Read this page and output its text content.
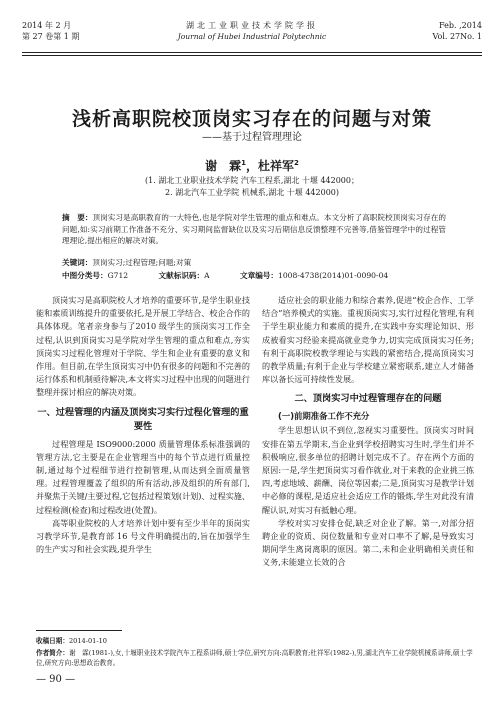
2014 年 2 月
第 27 卷第 1 期
湖北工业职业技术学院学报
Journal of Hubei Industrial Polytechnic
Feb. ,2014
Vol. 27No. 1
浅析高职院校顶岗实习存在的问题与对策
——基于过程管理理论
谢　霖$^1$，杜祥军$^2$
(1. 湖北工业职业技术学院 汽车工程系,湖北 十堰 442000；
2. 湖北汽车工业学院 机械系,湖北 十堰 442000)
摘　要：顶岗实习是高职教育的一大特色,也是学院对学生管理的重点和难点。本文分析了高职院校顶岗实习存在的问题,如:实习前期工作准备不充分、实习期间监督缺位以及实习后期信息反馈整理不完善等,借鉴管理学中的过程管理理论,提出相应的解决对策。
关键词：顶岗实习;过程管理;问题;对策
中图分类号：G712	文献标识码：A	文章编号：1008-4738(2014)01-0090-04

顶岗实习是高职院校人才培养的重要环节,是学生职业技能和素质训练提升的重要依托,是开展工学结合、校企合作的具体体现。笔者亲身参与了2010 级学生的顶岗实习工作全过程,认识到顶岗实习是学院对学生管理的重点和难点,夯实顶岗实习过程化管理对于学院、学生和企业有重要的意义和作用。但目前,在学生顶岗实习中仍有很多的问题和不完善的运行体系和机制亟待解决,本文将实习过程中出现的问题进行整理并探讨相应的解决对策。

一、过程管理的内涵及顶岗实习实行过程化管理的重要性

过程管理是 ISO9000:2000 质量管理体系标准强调的管理方法,它主要是在企业管理当中的每个节点进行质量控制,通过每个过程细节进行控制管理,从而达到全面质量管理。过程管理覆盖了组织的所有活动,涉及组织的所有部门,并聚焦于关键/主要过程,它包括过程策划(计划)、过程实施、过程检测(检查)和过程改进(处置)。

高等职业院校的人才培养计划中要有至少半年的顶岗实习教学环节,是教育部 16 号文件明确提出的,旨在加强学生的生产实习和社会实践,提升学生

适应社会的职业能力和综合素养,促进“校企合作、工学结合”培养模式的实施。重视顶岗实习,实行过程化管理,有利于学生职业能力和素质的提升,在实践中夯实理论知识、形成被看实习经验来提高就业竞争力,切实完成顶岗实习任务;有利于高职院校教学理论与实践的紧密结合,提高顶岗实习的教学质量;有利于企业与学校建立紧密联系,建立人才储备库以备长远可持续性发展。

二、顶岗实习中过程管理存在的问题
(一)前期准备工作不充分

学生思想认识不到位,忽视实习重要性。顶岗实习时间安排在第五学期末,当企业到学校招聘实习生时,学生们并不积极响应,很多单位的招聘计划完成不了。存在两个方面的原因:一是,学生把顶岗实习看作就业,对于来教的企业挑三拣四,考虑地域、薪酬、岗位等因素;二是,顶岗实习是教学计划中必修的课程,是适应社会适应工作的锻炼,学生对此没有清醒认识,对实习有抵触心理。

学校对实习安排仓促,缺乏对企业了解。第一,对部分招聘企业的资质、岗位数量和专业对口率不了解,是导致实习期间学生离岗离职的原因。第二,未和企业明确相关责任和义务,未能建立长效的合

收稿日期：2014-01-10
作者简介：谢　霖(1981-),女,十堰职业技术学院汽车工程系讲师,硕士学位,研究方向:高职教育;杜祥军(1982-),男,湖北汽车工业学院机械系讲师,硕士学位,研究方向:思想政治教育。
— 90 —
